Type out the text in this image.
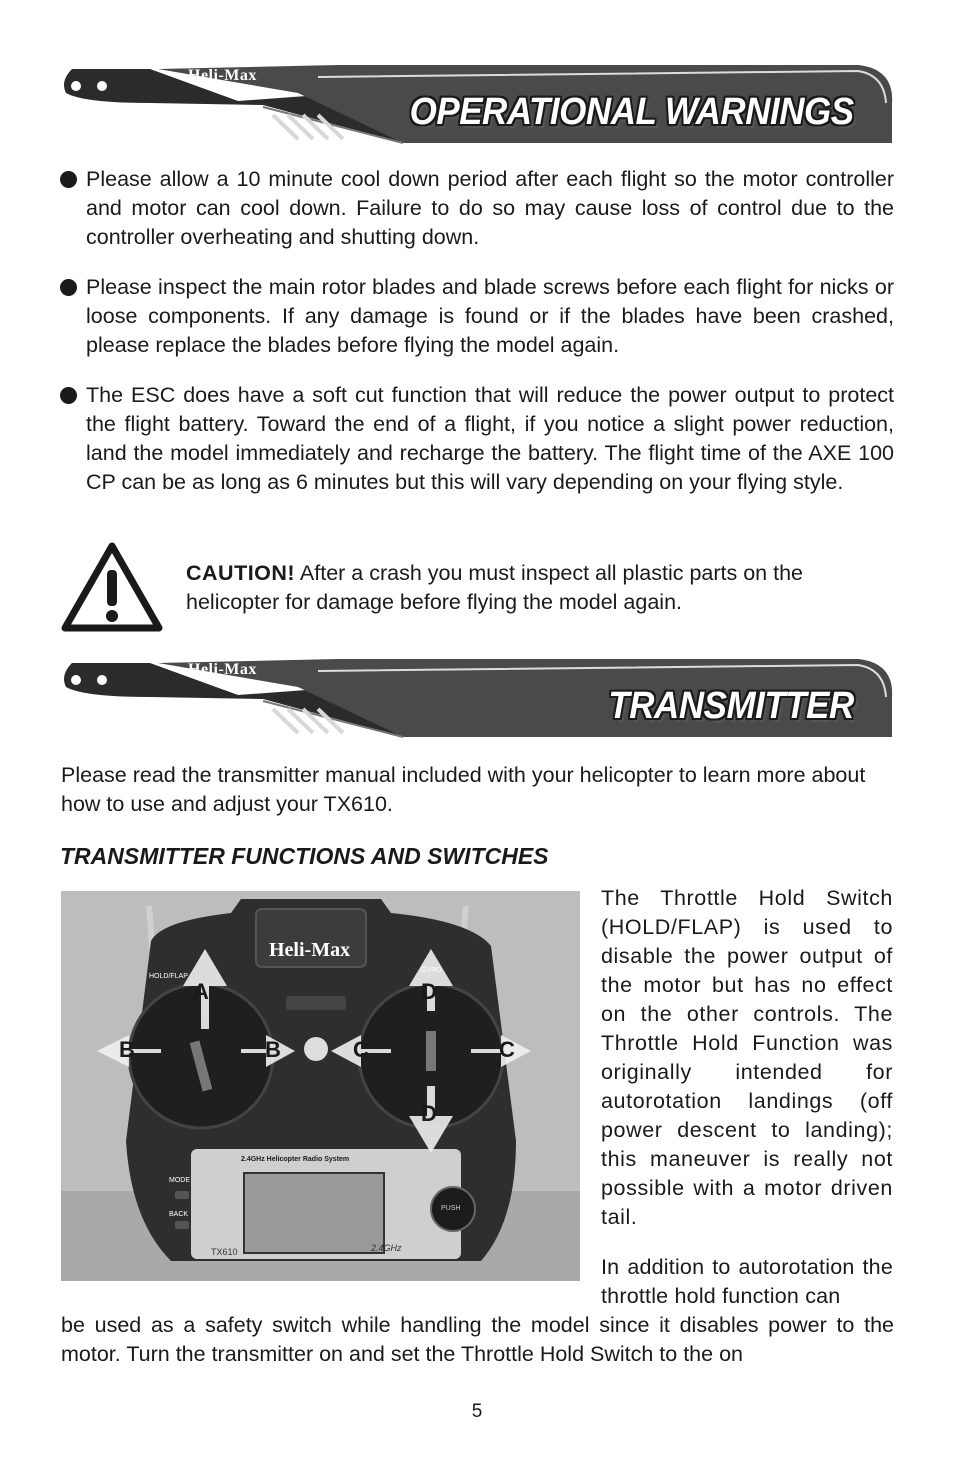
Heli-Max
OPERATIONAL WARNINGS
Please allow a 10 minute cool down period after each flight so the motor controller and motor can cool down. Failure to do so may cause loss of control due to the controller overheating and shutting down.
Please inspect the main rotor blades and blade screws before each flight for nicks or loose components. If any damage is found or if the blades have been crashed, please replace the blades before flying the model again.
The ESC does have a soft cut function that will reduce the power output to protect the flight battery. Toward the end of a flight, if you notice a slight power reduction, land the model immediately and recharge the battery. The flight time of the AXE 100 CP can be as long as 6 minutes but this will vary depending on your flying style.
CAUTION! After a crash you must inspect all plastic parts on the helicopter for damage before flying the model again.
Heli-Max
TRANSMITTER
Please read the transmitter manual included with your helicopter to learn more about how to use and adjust your TX610.
TRANSMITTER FUNCTIONS AND SWITCHES
Heli-Max
HOLD/FLAP
GYRO
A
B	B	C	C
D
D
2.4GHz Helicopter Radio System
MODE
BACK
PUSH
TX610	2.4GHz
The Throttle Hold Switch (HOLD/FLAP) is used to disable the power output of the motor but has no effect on the other controls. The Throttle Hold Function was originally intended for autorotation landings (off power descent to landing); this maneuver is really not possible with a motor driven tail.
In addition to autorotation the throttle hold function can
be used as a safety switch while handling the model since it disables power to the motor. Turn the transmitter on and set the Throttle Hold Switch to the on
5
